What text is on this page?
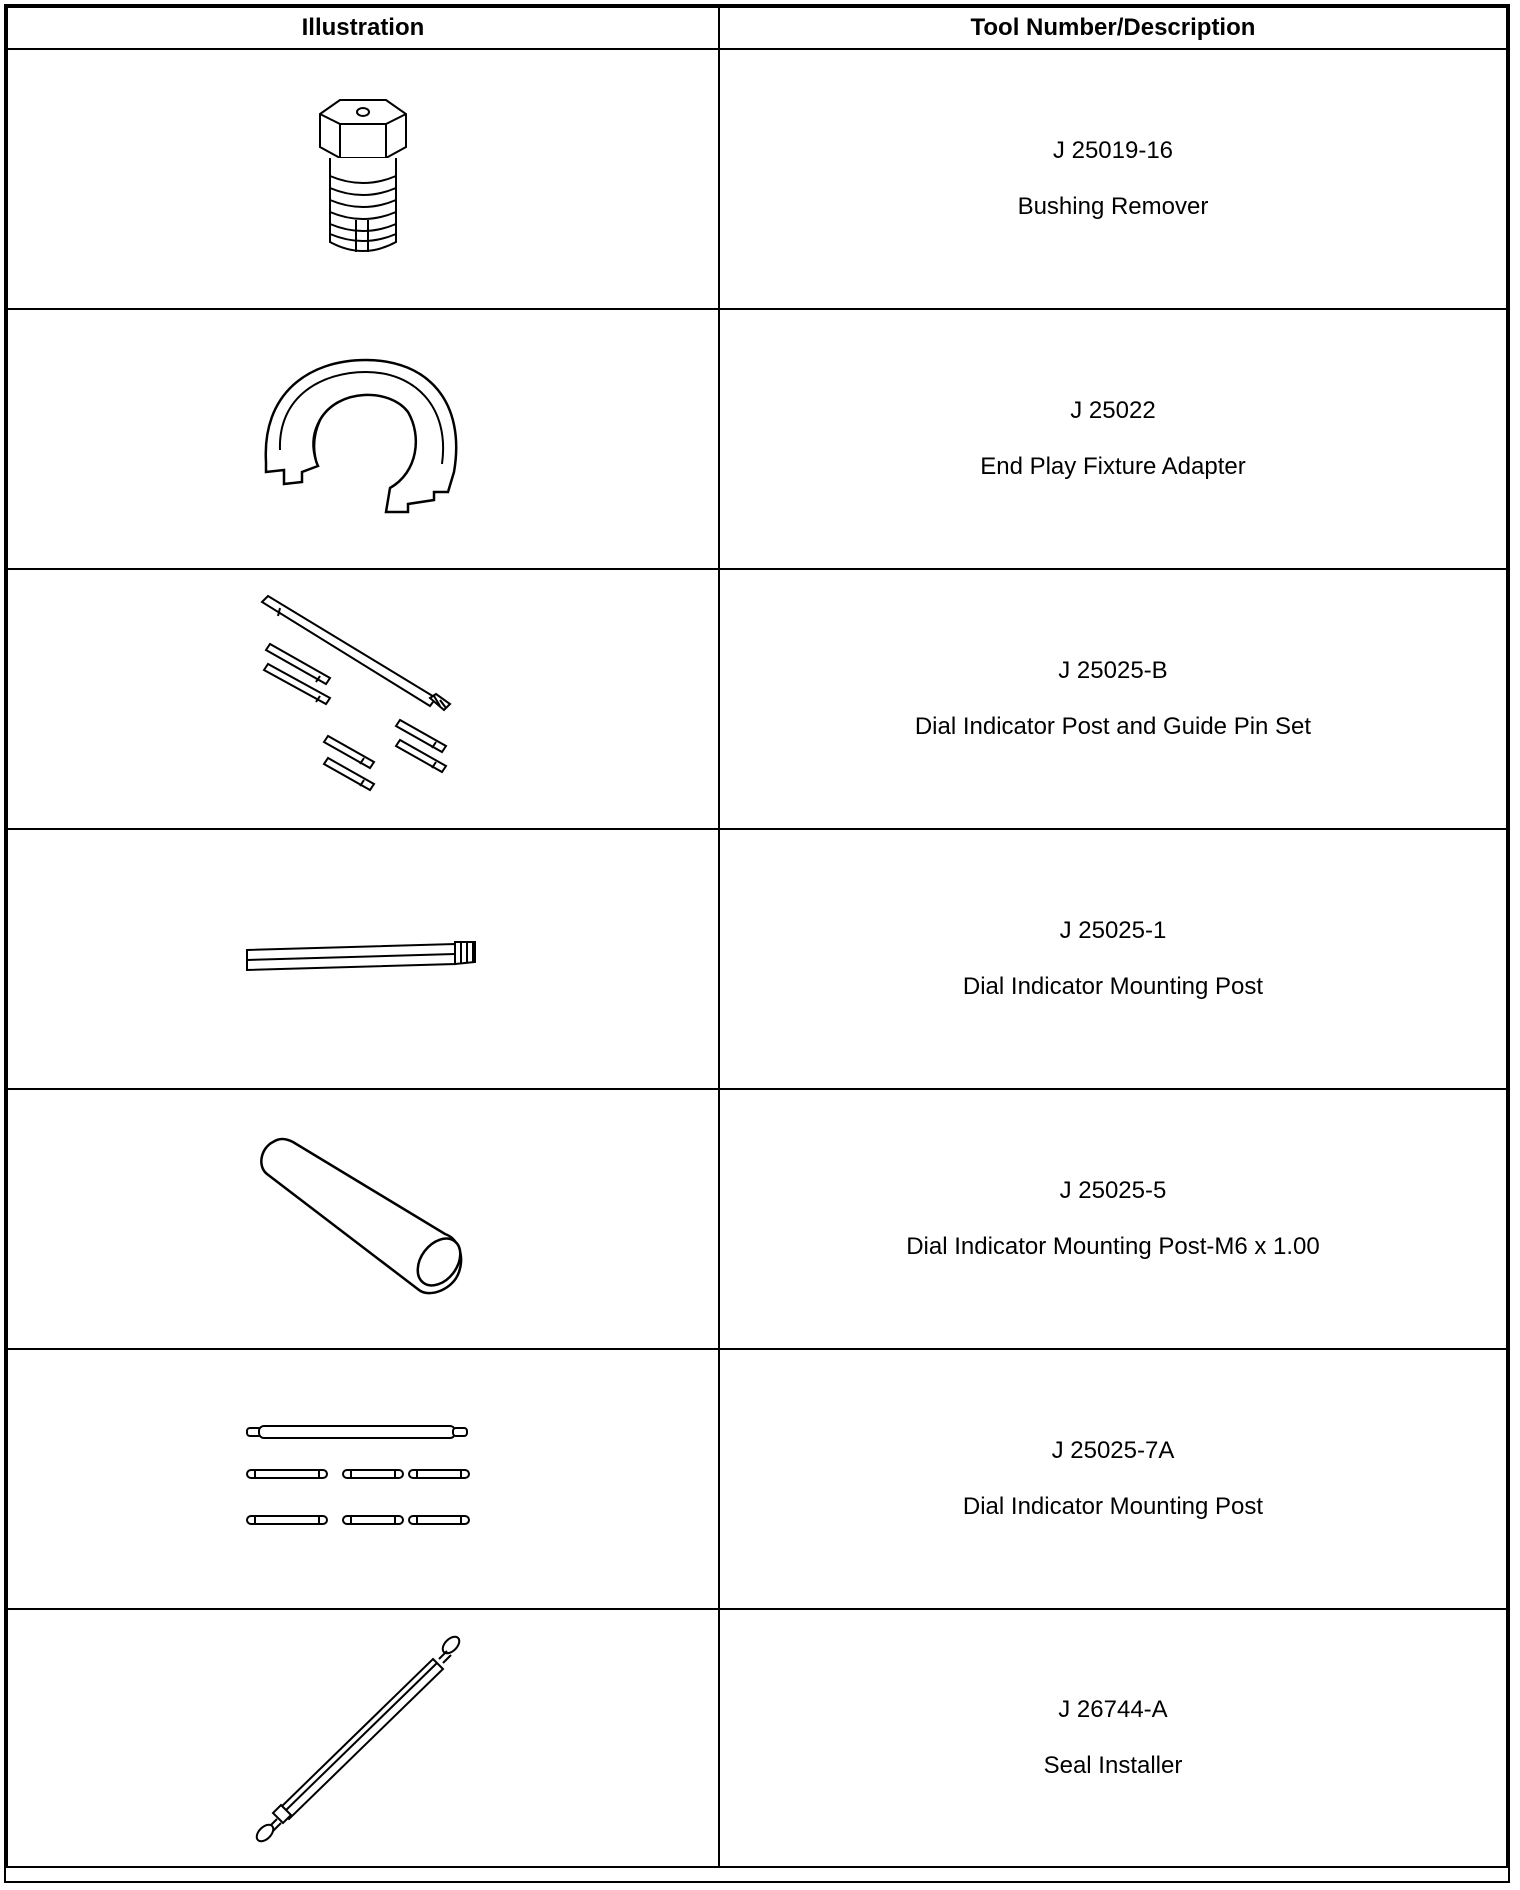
Illustration	Tool Number/Description

J 25019-16
Bushing Remover

J 25022
End Play Fixture Adapter

J 25025-B
Dial Indicator Post and Guide Pin Set

J 25025-1
Dial Indicator Mounting Post

J 25025-5
Dial Indicator Mounting Post-M6 x 1.00

J 25025-7A
Dial Indicator Mounting Post

J 26744-A
Seal Installer
